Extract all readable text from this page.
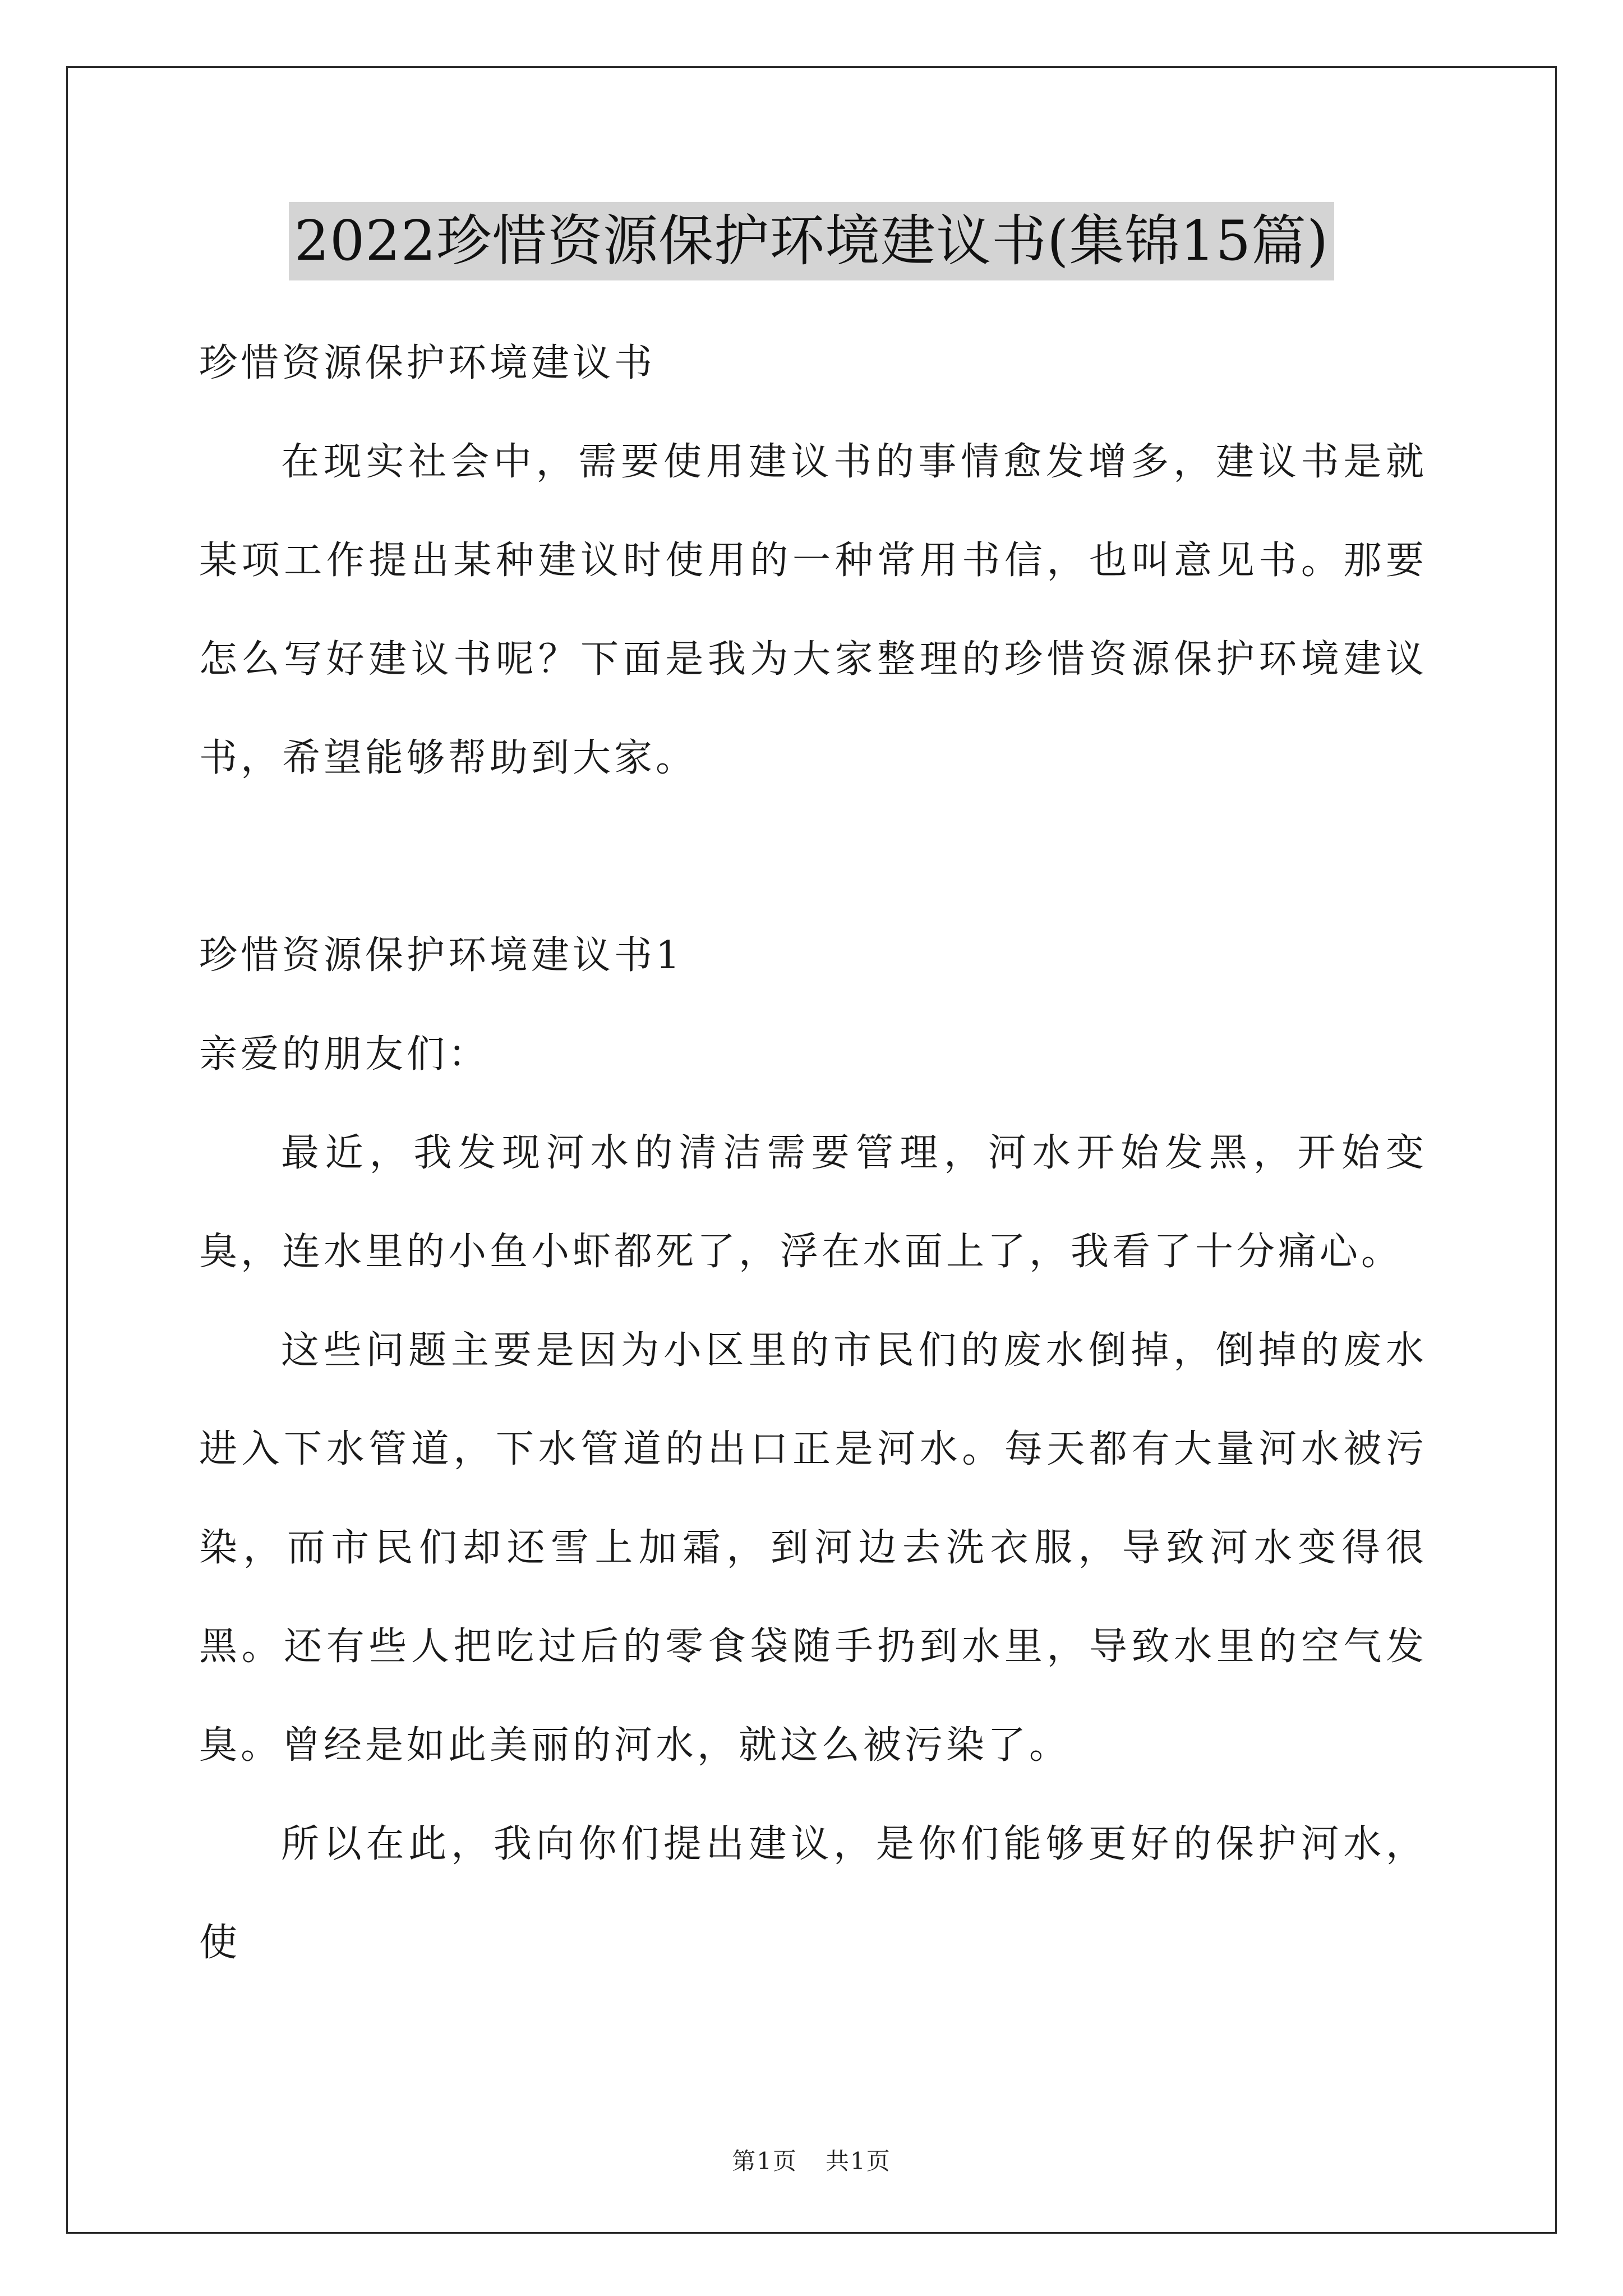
2022珍惜资源保护环境建议书(集锦15篇)
珍惜资源保护环境建议书

在现实社会中，需要使用建议书的事情愈发增多，建议书是就某项工作提出某种建议时使用的一种常用书信，也叫意见书。那要怎么写好建议书呢？下面是我为大家整理的珍惜资源保护环境建议书，希望能够帮助到大家。

珍惜资源保护环境建议书1
亲爱的朋友们：

最近，我发现河水的清洁需要管理，河水开始发黑，开始变臭，连水里的小鱼小虾都死了，浮在水面上了，我看了十分痛心。

这些问题主要是因为小区里的市民们的废水倒掉，倒掉的废水进入下水管道，下水管道的出口正是河水。每天都有大量河水被污染，而市民们却还雪上加霜，到河边去洗衣服，导致河水变得很黑。还有些人把吃过后的零食袋随手扔到水里，导致水里的空气发臭。曾经是如此美丽的河水，就这么被污染了。

所以在此，我向你们提出建议，是你们能够更好的保护河水，使

第1页 共1页
